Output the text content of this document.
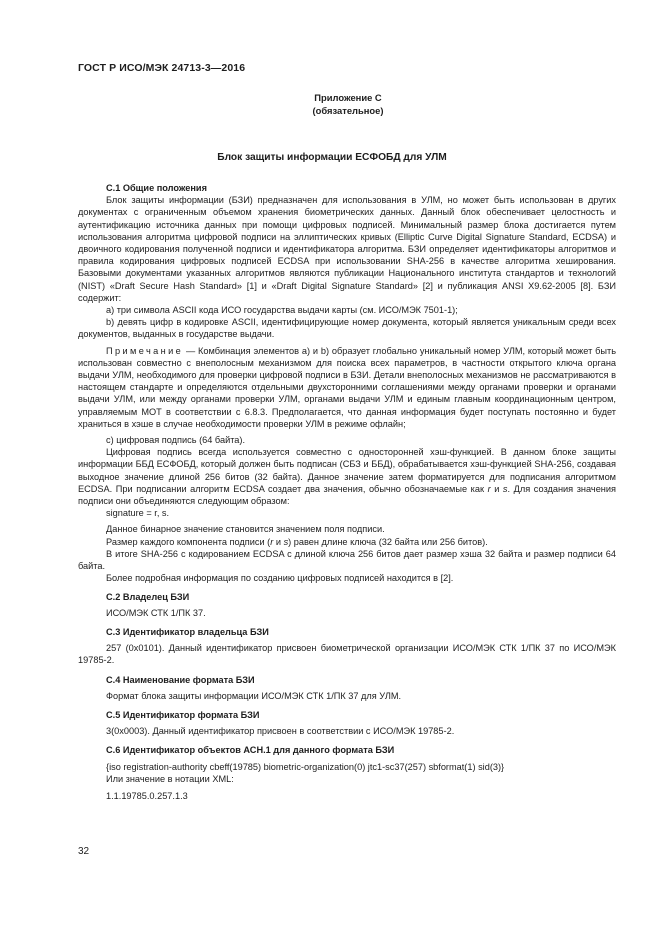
ГОСТ Р ИСО/МЭК 24713-3—2016
Приложение С
(обязательное)
Блок защиты информации ЕСФОБД для УЛМ

С.1 Общие положения

Блок защиты информации (БЗИ) предназначен для использования в УЛМ, но может быть использован в других документах с ограниченным объемом хранения биометрических данных. Данный блок обеспечивает целостность и аутентификацию источника данных при помощи цифровых подписей. Минимальный размер блока достигается путем использования алгоритма цифровой подписи на эллиптических кривых (Elliptic Curve Digital Signature Standard, ECDSA) и двоичного кодирования полученной подписи и идентификатора алгоритма. БЗИ определяет идентификаторы алгоритмов и правила кодирования цифровых подписей ECDSA при использовании SHA-256 в качестве алгоритма хеширования. Базовыми документами указанных алгоритмов являются публикации Национального института стандартов и технологий (NIST) «Draft Secure Hash Standard» [1] и «Draft Digital Signature Standard» [2] и публикация ANSI X9.62-2005 [8]. БЗИ содержит:

а) три символа ASCII кода ИСО государства выдачи карты (см. ИСО/МЭК 7501-1);

b) девять цифр в кодировке ASCII, идентифицирующие номер документа, который является уникальным среди всех документов, выданных в государстве выдачи.

Примечание — Комбинация элементов а) и b) образует глобально уникальный номер УЛМ, который может быть использован совместно с внеполосным механизмом для поиска всех параметров, в частности открытого ключа органа выдачи УЛМ, необходимого для проверки цифровой подписи в БЗИ. Детали внеполосных механизмов не рассматриваются в настоящем стандарте и определяются отдельными двухсторонними соглашениями между органами проверки и органами выдачи УЛМ, или между органами проверки УЛМ, органами выдачи УЛМ и единым главным координационным центром, управляемым МОТ в соответствии с 6.8.3. Предполагается, что данная информация будет поступать постоянно и будет храниться в хэше в случае необходимости проверки УЛМ в режиме офлайн;

с) цифровая подпись (64 байта).

Цифровая подпись всегда используется совместно с односторонней хэш-функцией. В данном блоке защиты информации ББД ЕСФОБД, который должен быть подписан (СБЗ и ББД), обрабатывается хэш-функцией SHA-256, создавая выходное значение длиной 256 битов (32 байта). Данное значение затем форматируется для подписания алгоритмом ECDSA. При подписании алгоритм ECDSA создает два значения, обычно обозначаемые как r и s. Для создания значения подписи они объединяются следующим образом:

signature = r, s.

Данное бинарное значение становится значением поля подписи.

Размер каждого компонента подписи (r и s) равен длине ключа (32 байта или 256 битов).

В итоге SHA-256 с кодированием ECDSA с длиной ключа 256 битов дает размер хэша 32 байта и размер подписи 64 байта.

Более подробная информация по созданию цифровых подписей находится в [2].

С.2 Владелец БЗИ

ИСО/МЭК СТК 1/ПК 37.

С.3 Идентификатор владельца БЗИ

257 (0x0101). Данный идентификатор присвоен биометрической организации ИСО/МЭК СТК 1/ПК 37 по ИСО/МЭК 19785-2.

С.4 Наименование формата БЗИ

Формат блока защиты информации ИСО/МЭК СТК 1/ПК 37 для УЛМ.

С.5 Идентификатор формата БЗИ

3(0x0003). Данный идентификатор присвоен в соответствии с ИСО/МЭК 19785-2.

С.6 Идентификатор объектов АСН.1 для данного формата БЗИ

{iso registration-authority cbeff(19785) biometric-organization(0) jtc1-sc37(257) sbformat(1) sid(3)}

Или значение в нотации XML:

1.1.19785.0.257.1.3

32
